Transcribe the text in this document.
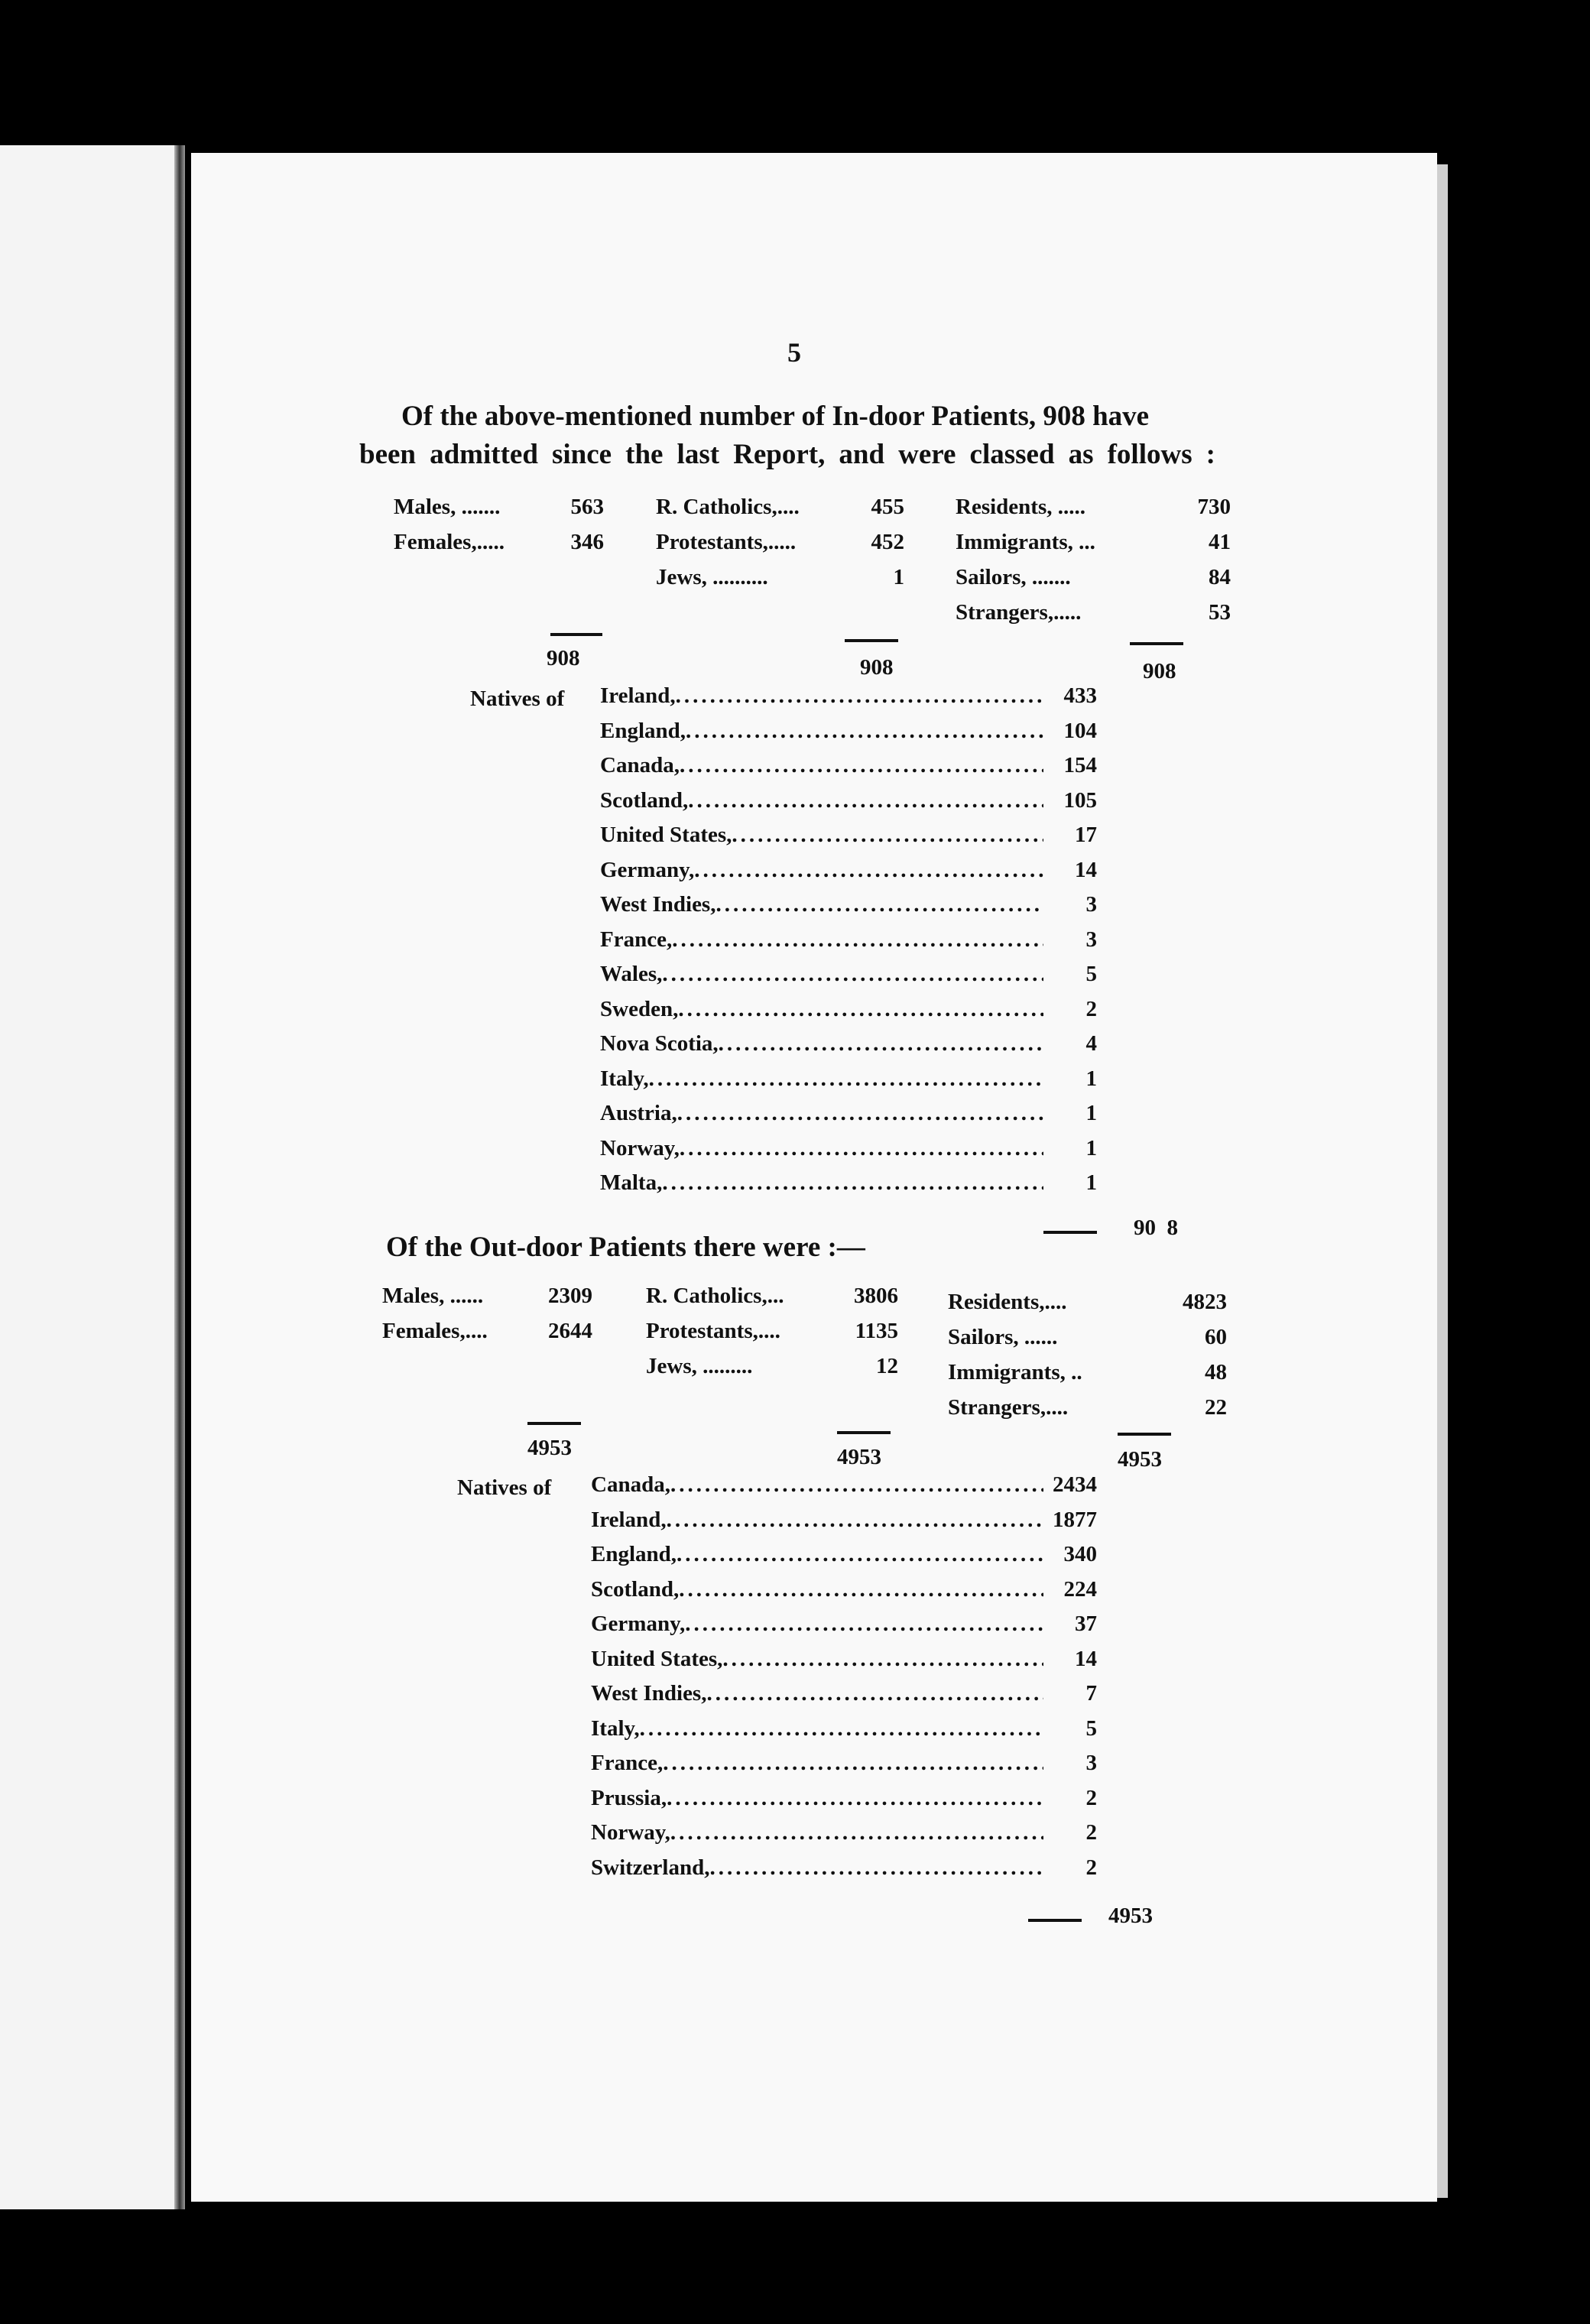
5
Of the above-mentioned number of In-door Patients, 908 have
been admitted since the last Report, and were classed as follows :
Males, .......	563
Females,.....	346
R. Catholics,....	455
Protestants,.....	452
Jews, ..........	1
Residents, .....	730
Immigrants, ...	41
Sailors, .......	84
Strangers,.....	53
908	908	908
Natives of Ireland, .....	433
England, .....	104
Canada, .....	154
Scotland, .....	105
United States, .....	17
Germany, .....	14
West Indies, .....	3
France, .....	3
Wales, .....	5
Sweden, .....	2
Nova Scotia, .....	4
Italy, .....	1
Austria, .....	1
Norway, .....	1
Malta, .....	1
90  8
Of the Out-door Patients there were :—
Males, ......	2309
Females,....	2644
R. Catholics,...	3806
Protestants,....	1135
Jews, .........	12
Residents,....	4823
Sailors, ......	60
Immigrants, ..	48
Strangers,....	22
4953	4953	4953
Natives of Canada, .....	2434
Ireland, .....	1877
England, .....	340
Scotland, .....	224
Germany, .....	37
United States, .....	14
West Indies, .....	7
Italy, .....	5
France, .....	3
Prussia, .....	2
Norway, .....	2
Switzerland, .....	2
4953
